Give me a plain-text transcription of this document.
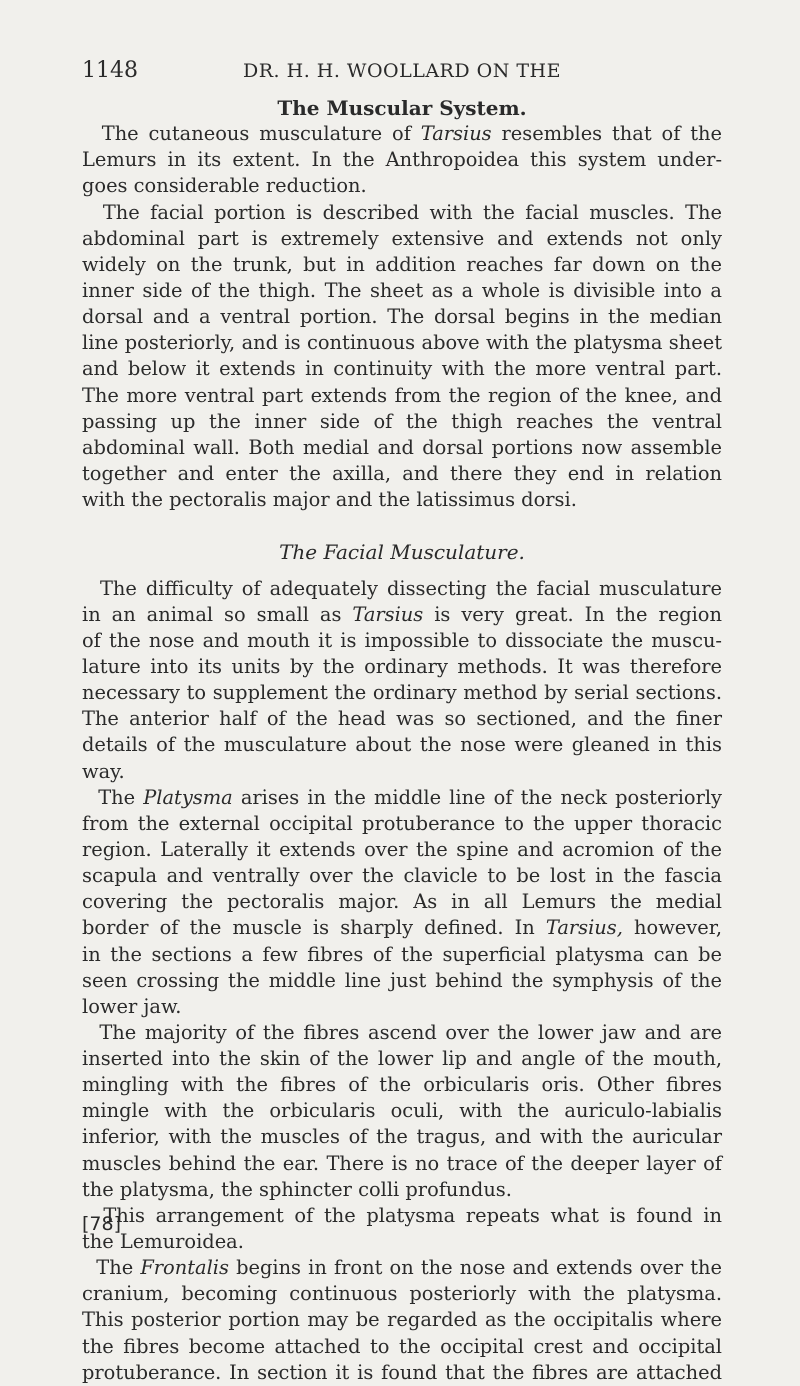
1148	DR. H. H. WOOLLARD ON THE
The Muscular System.
The cutaneous musculature of Tarsius resembles that of the
Lemurs in its extent. In the Anthropoidea this system under-
goes considerable reduction.
The facial portion is described with the facial muscles. The
abdominal part is extremely extensive and extends not only
widely on the trunk, but in addition reaches far down on the
inner side of the thigh. The sheet as a whole is divisible into a
dorsal and a ventral portion. The dorsal begins in the median
line posteriorly, and is continuous above with the platysma sheet
and below it extends in continuity with the more ventral part.
The more ventral part extends from the region of the knee, and
passing up the inner side of the thigh reaches the ventral
abdominal wall. Both medial and dorsal portions now assemble
together and enter the axilla, and there they end in relation
with the pectoralis major and the latissimus dorsi.
The Facial Musculature.
The difficulty of adequately dissecting the facial musculature
in an animal so small as Tarsius is very great. In the region
of the nose and mouth it is impossible to dissociate the muscu-
lature into its units by the ordinary methods. It was therefore
necessary to supplement the ordinary method by serial sections.
The anterior half of the head was so sectioned, and the finer
details of the musculature about the nose were gleaned in this
way.
The Platysma arises in the middle line of the neck posteriorly
from the external occipital protuberance to the upper thoracic
region. Laterally it extends over the spine and acromion of the
scapula and ventrally over the clavicle to be lost in the fascia
covering the pectoralis major. As in all Lemurs the medial
border of the muscle is sharply defined. In Tarsius, however,
in the sections a few fibres of the superficial platysma can be
seen crossing the middle line just behind the symphysis of the
lower jaw.
The majority of the fibres ascend over the lower jaw and are
inserted into the skin of the lower lip and angle of the mouth,
mingling with the fibres of the orbicularis oris. Other fibres
mingle with the orbicularis oculi, with the auriculo-labialis
inferior, with the muscles of the tragus, and with the auricular
muscles behind the ear. There is no trace of the deeper layer of
the platysma, the sphincter colli profundus.
This arrangement of the platysma repeats what is found in
the Lemuroidea.
The Frontalis begins in front on the nose and extends over the
cranium, becoming continuous posteriorly with the platysma.
This posterior portion may be regarded as the occipitalis where
the fibres become attached to the occipital crest and occipital
protuberance. In section it is found that the fibres are attached
[78]
